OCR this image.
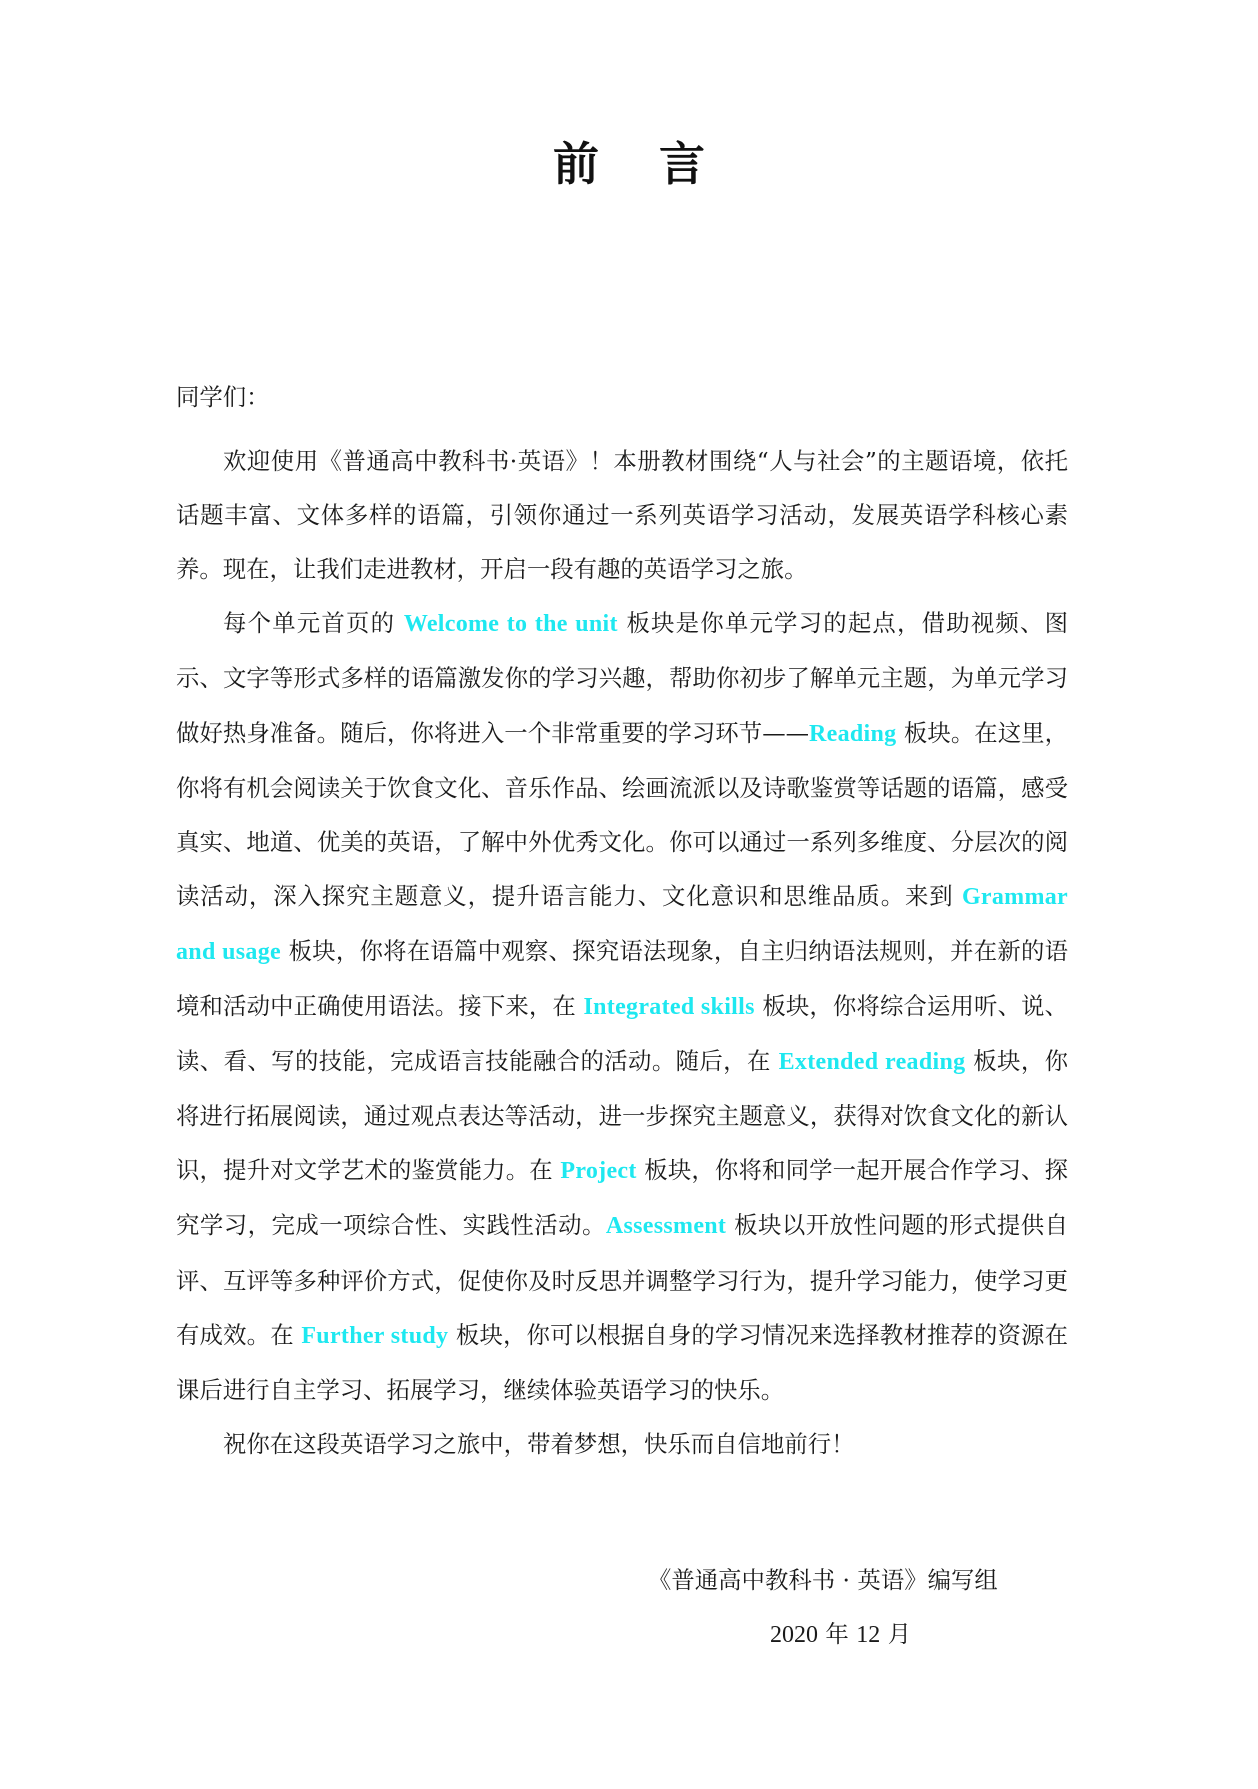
前言

同学们：

欢迎使用《普通高中教科书·英语》！本册教材围绕“人与社会”的主题语境，依托话题丰富、文体多样的语篇，引领你通过一系列英语学习活动，发展英语学科核心素养。现在，让我们走进教材，开启一段有趣的英语学习之旅。

每个单元首页的 Welcome to the unit 板块是你单元学习的起点，借助视频、图示、文字等形式多样的语篇激发你的学习兴趣，帮助你初步了解单元主题，为单元学习做好热身准备。随后，你将进入一个非常重要的学习环节——Reading 板块。在这里，你将有机会阅读关于饮食文化、音乐作品、绘画流派以及诗歌鉴赏等话题的语篇，感受真实、地道、优美的英语，了解中外优秀文化。你可以通过一系列多维度、分层次的阅读活动，深入探究主题意义，提升语言能力、文化意识和思维品质。来到 Grammar and usage 板块，你将在语篇中观察、探究语法现象，自主归纳语法规则，并在新的语境和活动中正确使用语法。接下来，在 Integrated skills 板块，你将综合运用听、说、读、看、写的技能，完成语言技能融合的活动。随后，在 Extended reading 板块，你将进行拓展阅读，通过观点表达等活动，进一步探究主题意义，获得对饮食文化的新认识，提升对文学艺术的鉴赏能力。在 Project 板块，你将和同学一起开展合作学习、探究学习，完成一项综合性、实践性活动。Assessment 板块以开放性问题的形式提供自评、互评等多种评价方式，促使你及时反思并调整学习行为，提升学习能力，使学习更有成效。在 Further study 板块，你可以根据自身的学习情况来选择教材推荐的资源在课后进行自主学习、拓展学习，继续体验英语学习的快乐。

祝你在这段英语学习之旅中，带着梦想，快乐而自信地前行！

《普通高中教科书 · 英语》编写组
2020 年 12 月
